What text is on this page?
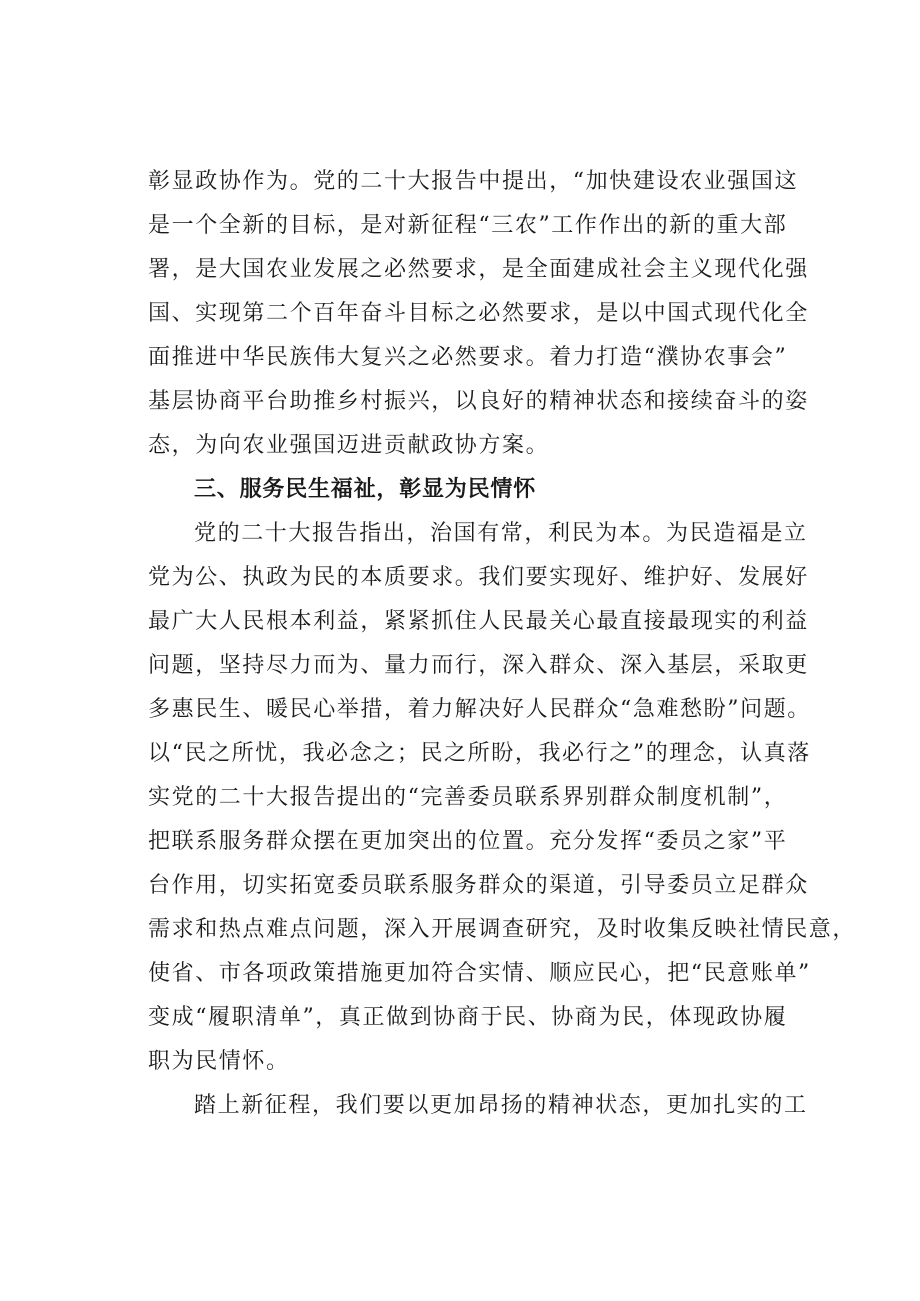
彰显政协作为。党的二十大报告中提出，“加快建设农业强国这
是一个全新的目标，是对新征程“三农”工作作出的新的重大部
署，是大国农业发展之必然要求，是全面建成社会主义现代化强
国、实现第二个百年奋斗目标之必然要求，是以中国式现代化全
面推进中华民族伟大复兴之必然要求。着力打造“濮协农事会”
基层协商平台助推乡村振兴，以良好的精神状态和接续奋斗的姿
态，为向农业强国迈进贡献政协方案。
三、服务民生福祉，彰显为民情怀
党的二十大报告指出，治国有常，利民为本。为民造福是立
党为公、执政为民的本质要求。我们要实现好、维护好、发展好
最广大人民根本利益，紧紧抓住人民最关心最直接最现实的利益
问题，坚持尽力而为、量力而行，深入群众、深入基层，采取更
多惠民生、暖民心举措，着力解决好人民群众“急难愁盼”问题。
以“民之所忧，我必念之；民之所盼，我必行之”的理念，认真落
实党的二十大报告提出的“完善委员联系界别群众制度机制”，
把联系服务群众摆在更加突出的位置。充分发挥“委员之家”平
台作用，切实拓宽委员联系服务群众的渠道，引导委员立足群众
需求和热点难点问题，深入开展调查研究，及时收集反映社情民意，
使省、市各项政策措施更加符合实情、顺应民心，把“民意账单”
变成“履职清单”，真正做到协商于民、协商为民，体现政协履
职为民情怀。
踏上新征程，我们要以更加昂扬的精神状态，更加扎实的工
